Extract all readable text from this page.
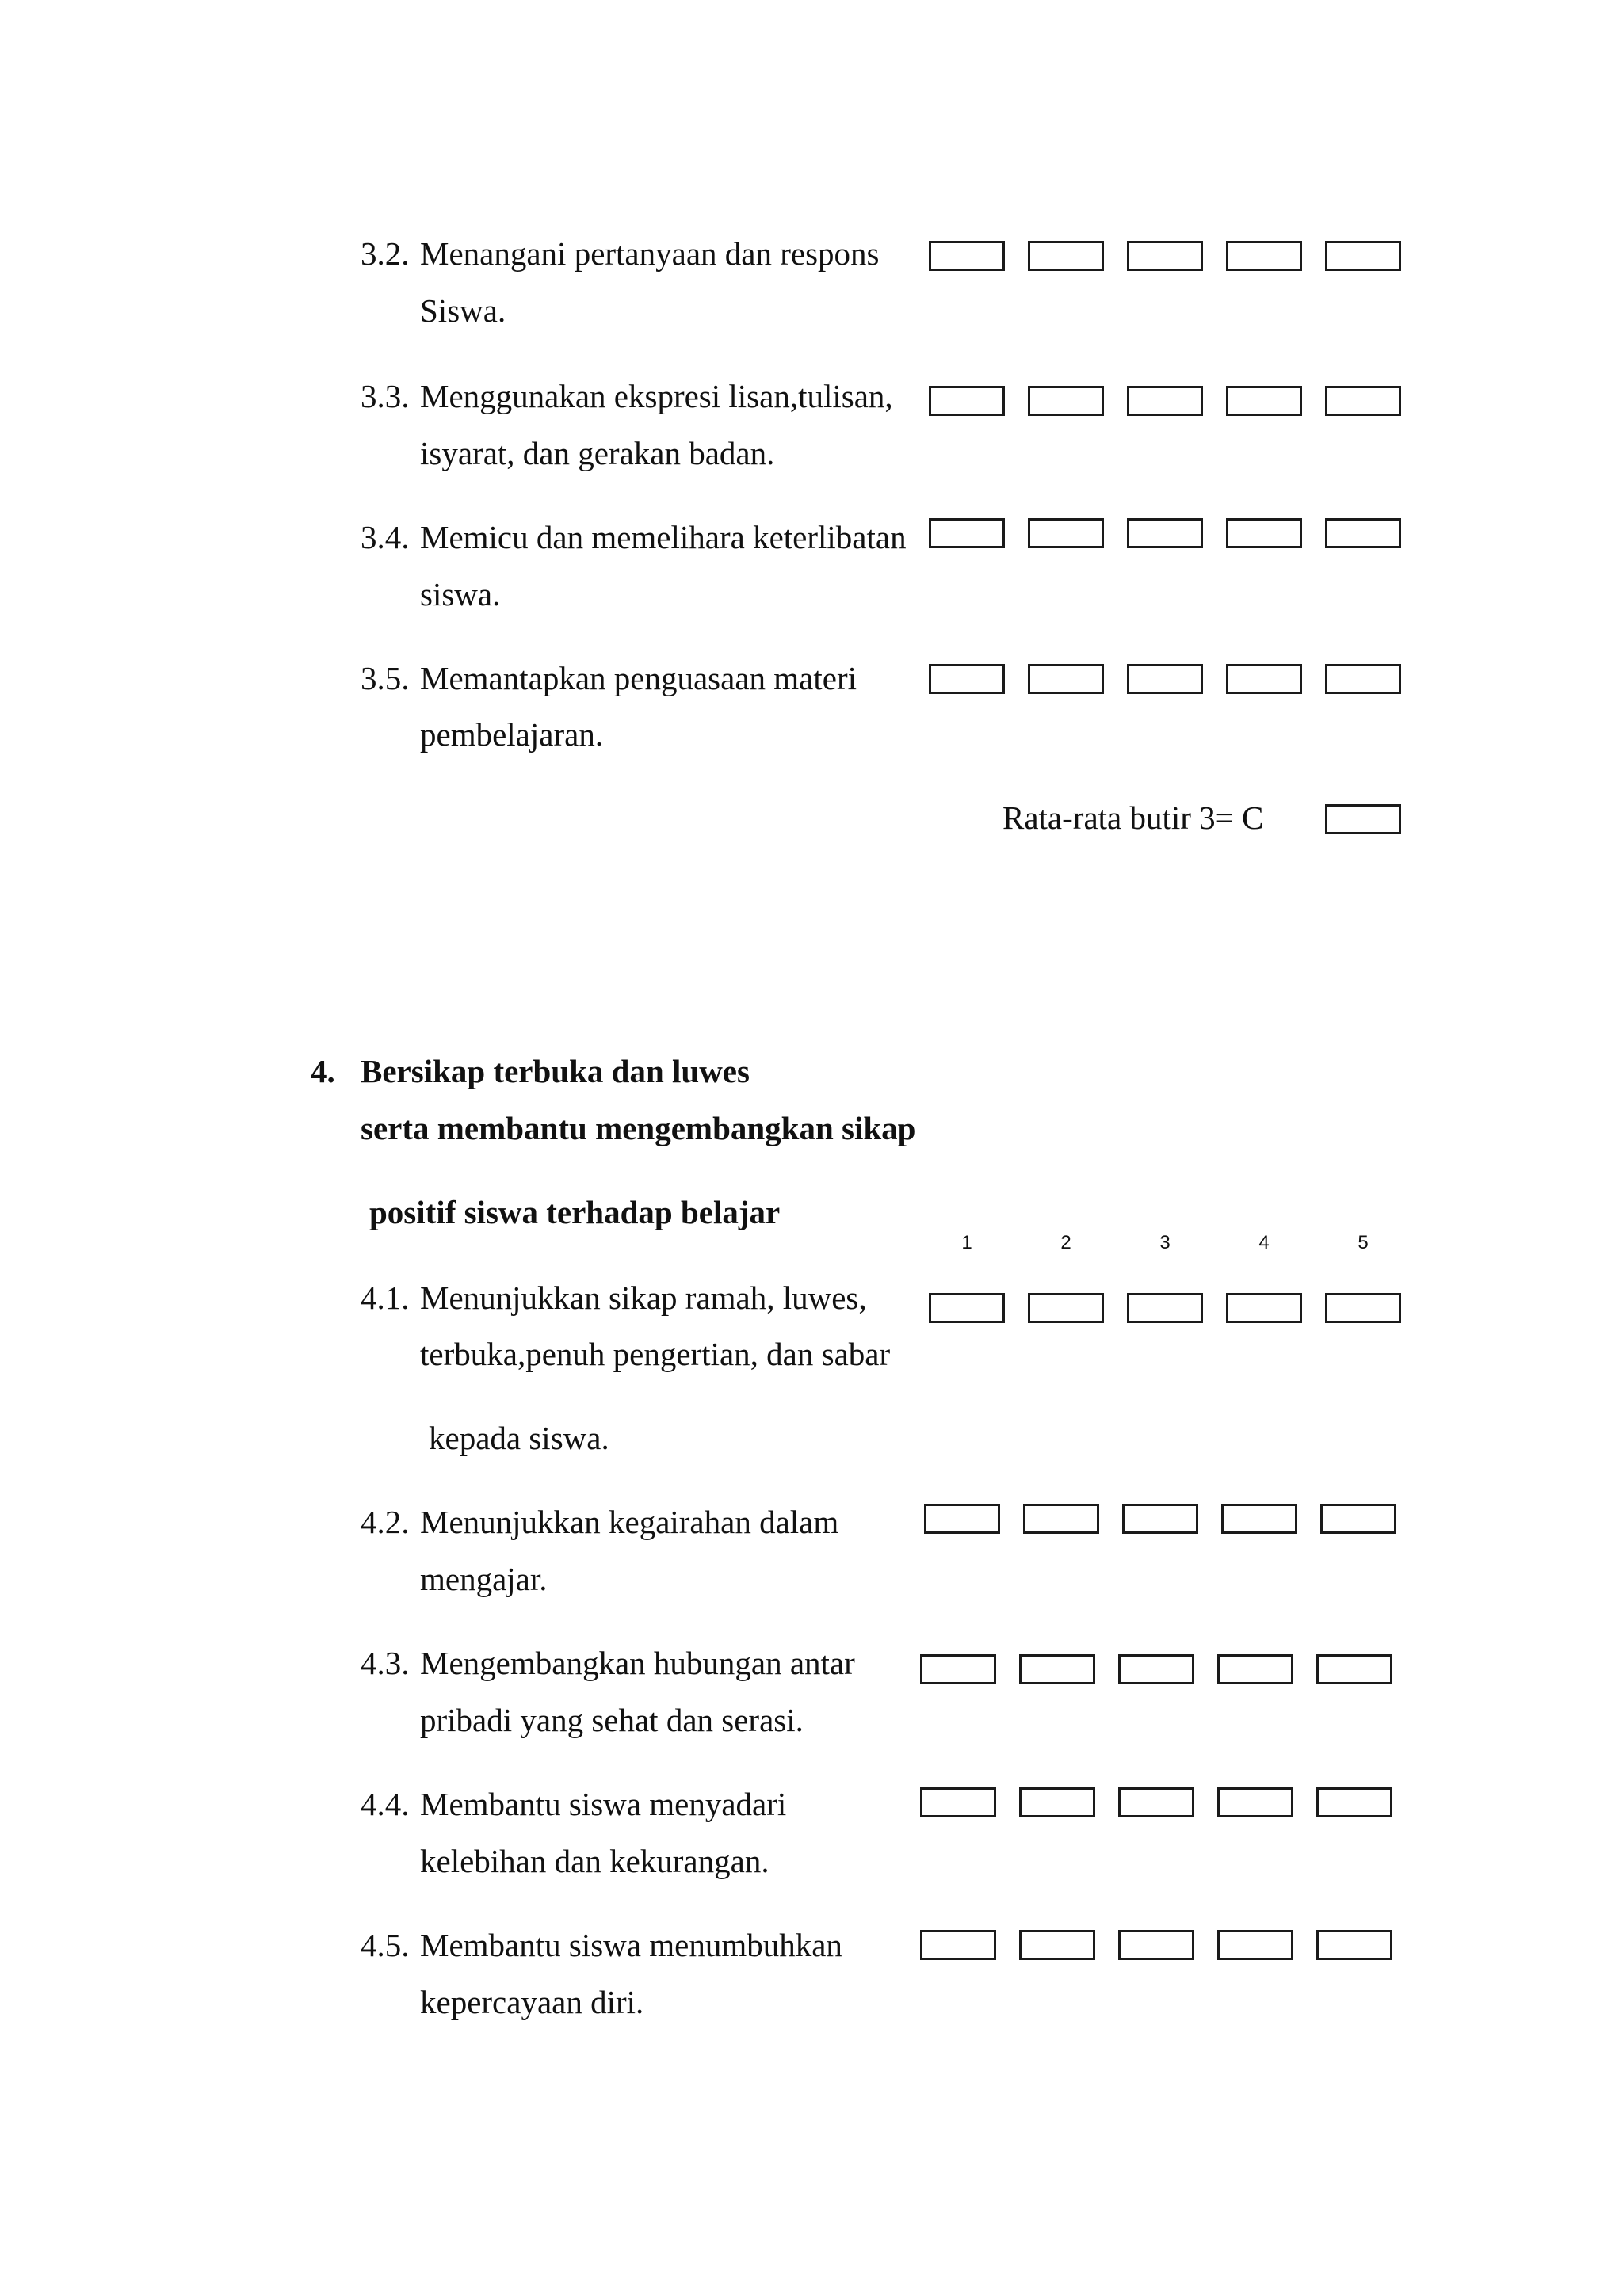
3.2. Menangani pertanyaan dan respons
Siswa.
3.3. Menggunakan ekspresi lisan,tulisan,
isyarat, dan gerakan badan.
3.4. Memicu dan memelihara keterlibatan
siswa.
3.5. Memantapkan penguasaan materi
pembelajaran.
Rata-rata butir 3= C
4. Bersikap terbuka dan luwes
serta membantu mengembangkan sikap
positif siswa terhadap belajar
1	2	3	4	5
4.1. Menunjukkan sikap ramah, luwes,
terbuka,penuh pengertian, dan sabar
kepada siswa.
4.2. Menunjukkan kegairahan dalam
mengajar.
4.3. Mengembangkan hubungan antar
pribadi yang sehat dan serasi.
4.4. Membantu siswa menyadari
kelebihan dan kekurangan.
4.5. Membantu siswa menumbuhkan
kepercayaan diri.
